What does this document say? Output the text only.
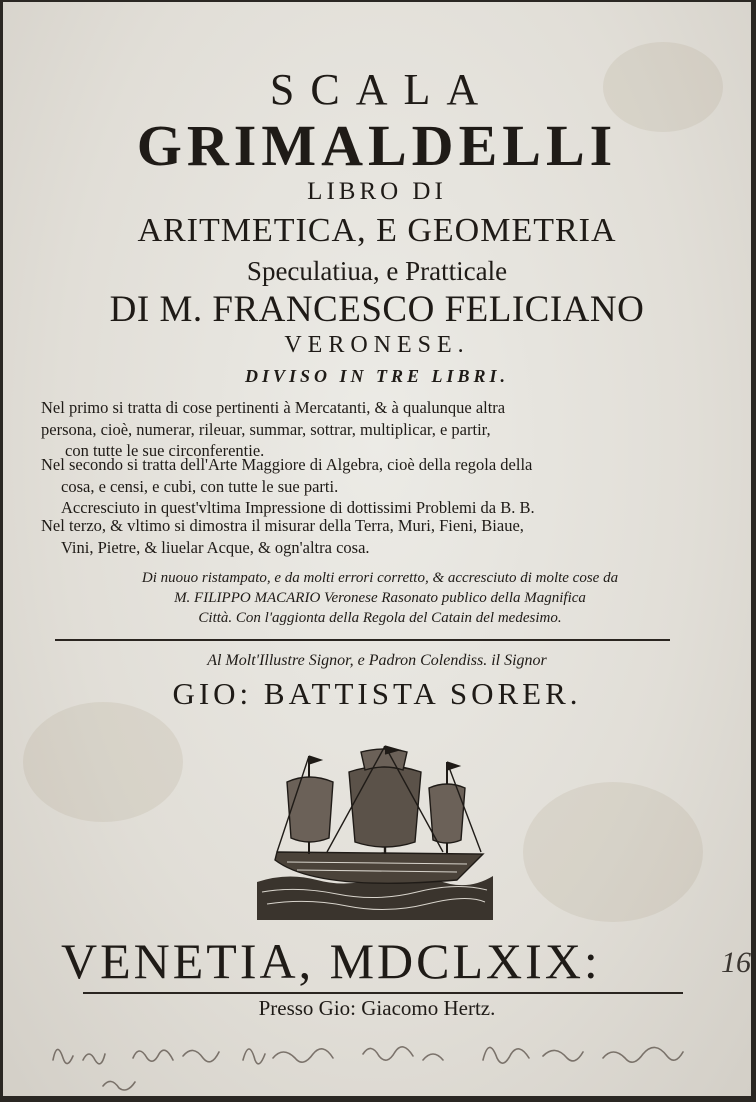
SCALA
GRIMALDELLI
LIBRO DI
ARITMETICA, E GEOMETRIA
Speculatiua, e Pratticale
DI M. FRANCESCO FELICIANO
VERONESE.
DIVISO IN TRE LIBRI.

Nel primo si tratta di cose pertinenti à Mercatanti, & à qualunque altra

persona, cioè, numerar, rileuar, summar, sottrar, multiplicar, e partir,

con tutte le sue circonferentie.

Nel secondo si tratta dell'Arte Maggiore di Algebra, cioè della regola della

cosa, e censi, e cubi, con tutte le sue parti.

Accresciuto in quest'vltima Impressione di dottissimi Problemi da B. B.

Nel terzo, & vltimo si dimostra il misurar della Terra, Muri, Fieni, Biaue,

Vini, Pietre, & liuelar Acque, & ogn'altra cosa.

Di nuouo ristampato, e da molti errori corretto, & accresciuto di molte cose da
M. FILIPPO MACARIO Veronese Rasonato publico della Magnifica
Città. Con l'aggionta della Regola del Catain del medesimo.
Al Molt'Illustre Signor, e Padron Colendiss. il Signor
GIO: BATTISTA SORER.
VENETIA, MDCLXIX:	16
Presso Gio: Giacomo Hertz.
